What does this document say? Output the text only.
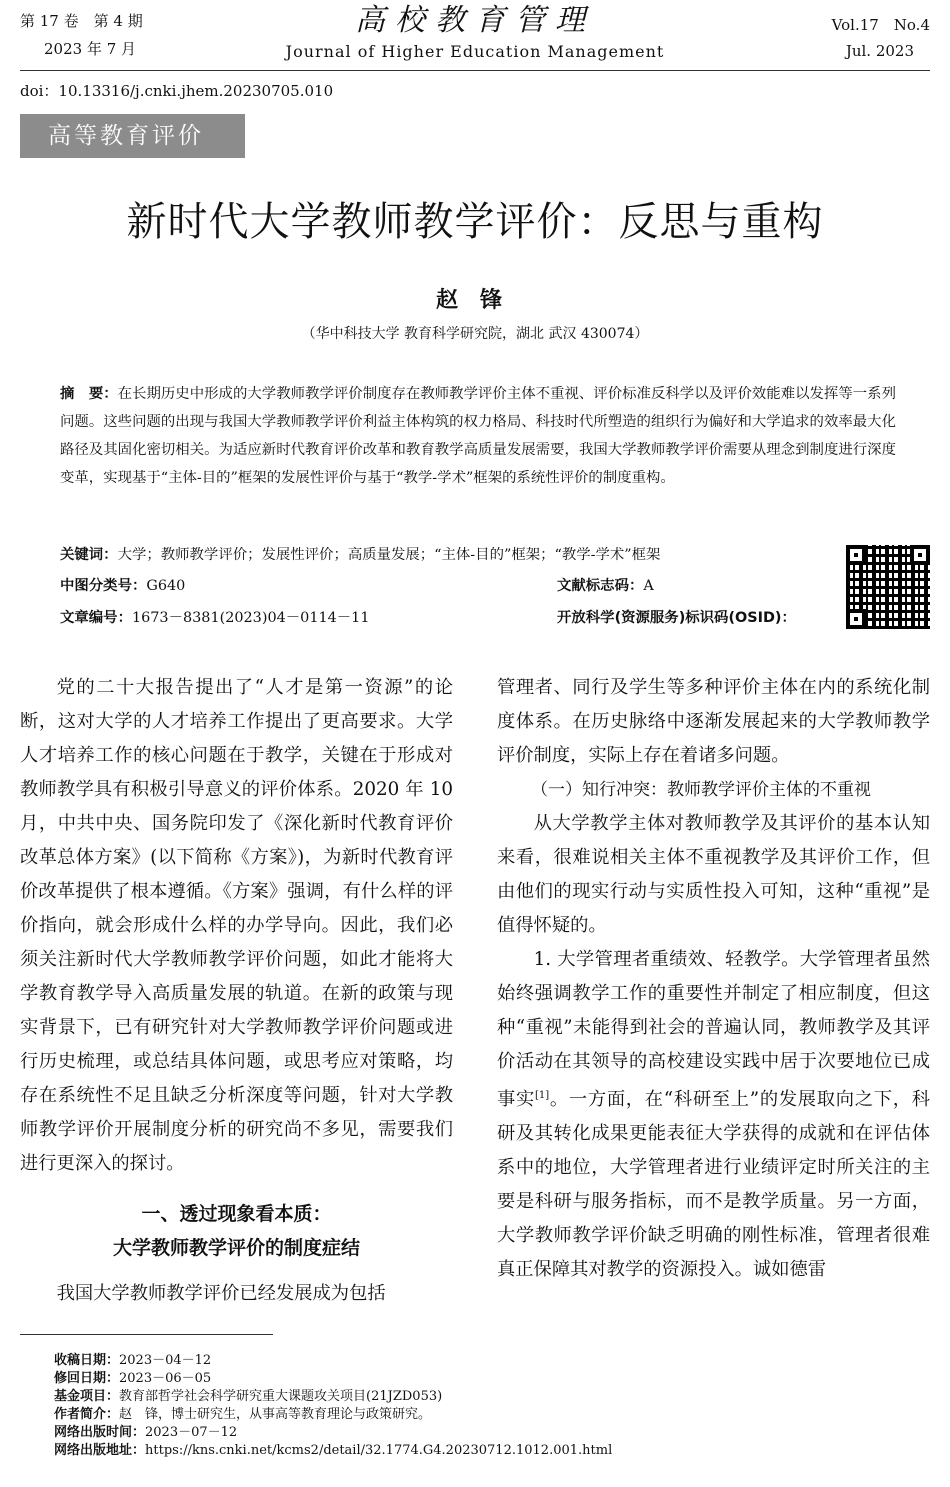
第 17 卷　第 4 期
2023 年 7 月
高校教育管理
Journal of Higher Education Management
Vol.17　No.4
Jul. 2023
doi：10.13316/j.cnki.jhem.20230705.010
高等教育评价
新时代大学教师教学评价：反思与重构
赵锋
（华中科技大学 教育科学研究院，湖北 武汉 430074）
摘　要：在长期历史中形成的大学教师教学评价制度存在教师教学评价主体不重视、评价标准反科学以及评价效能难以发挥等一系列问题。这些问题的出现与我国大学教师教学评价利益主体构筑的权力格局、科技时代所塑造的组织行为偏好和大学追求的效率最大化路径及其固化密切相关。为适应新时代教育评价改革和教育教学高质量发展需要，我国大学教师教学评价需要从理念到制度进行深度变革，实现基于“主体-目的”框架的发展性评价与基于“教学-学术”框架的系统性评价的制度重构。
关键词：大学；教师教学评价；发展性评价；高质量发展；“主体-目的”框架；“教学-学术”框架
中图分类号：G640	文献标志码：A
文章编号：1673－8381(2023)04－0114－11	开放科学(资源服务)标识码(OSID)：

党的二十大报告提出了“人才是第一资源”的论断，这对大学的人才培养工作提出了更高要求。大学人才培养工作的核心问题在于教学，关键在于形成对教师教学具有积极引导意义的评价体系。2020 年 10 月，中共中央、国务院印发了《深化新时代教育评价改革总体方案》(以下简称《方案》)，为新时代教育评价改革提供了根本遵循。《方案》强调，有什么样的评价指向，就会形成什么样的办学导向。因此，我们必须关注新时代大学教师教学评价问题，如此才能将大学教育教学导入高质量发展的轨道。在新的政策与现实背景下，已有研究针对大学教师教学评价问题或进行历史梳理，或总结具体问题，或思考应对策略，均存在系统性不足且缺乏分析深度等问题，针对大学教师教学评价开展制度分析的研究尚不多见，需要我们进行更深入的探讨。

一、透过现象看本质：
大学教师教学评价的制度症结

我国大学教师教学评价已经发展成为包括

管理者、同行及学生等多种评价主体在内的系统化制度体系。在历史脉络中逐渐发展起来的大学教师教学评价制度，实际上存在着诸多问题。

（一）知行冲突：教师教学评价主体的不重视

从大学教学主体对教师教学及其评价的基本认知来看，很难说相关主体不重视教学及其评价工作，但由他们的现实行动与实质性投入可知，这种“重视”是值得怀疑的。

1. 大学管理者重绩效、轻教学。大学管理者虽然始终强调教学工作的重要性并制定了相应制度，但这种“重视”未能得到社会的普遍认同，教师教学及其评价活动在其领导的高校建设实践中居于次要地位已成事实[1]。一方面，在“科研至上”的发展取向之下，科研及其转化成果更能表征大学获得的成就和在评估体系中的地位，大学管理者进行业绩评定时所关注的主要是科研与服务指标，而不是教学质量。另一方面，大学教师教学评价缺乏明确的刚性标准，管理者很难真正保障其对教学的资源投入。诚如德雷

收稿日期：2023－04－12
修回日期：2023－06－05
基金项目：教育部哲学社会科学研究重大课题攻关项目(21JZD053)
作者简介：赵　锋，博士研究生，从事高等教育理论与政策研究。
网络出版时间：2023－07－12
网络出版地址：https://kns.cnki.net/kcms2/detail/32.1774.G4.20230712.1012.001.html
